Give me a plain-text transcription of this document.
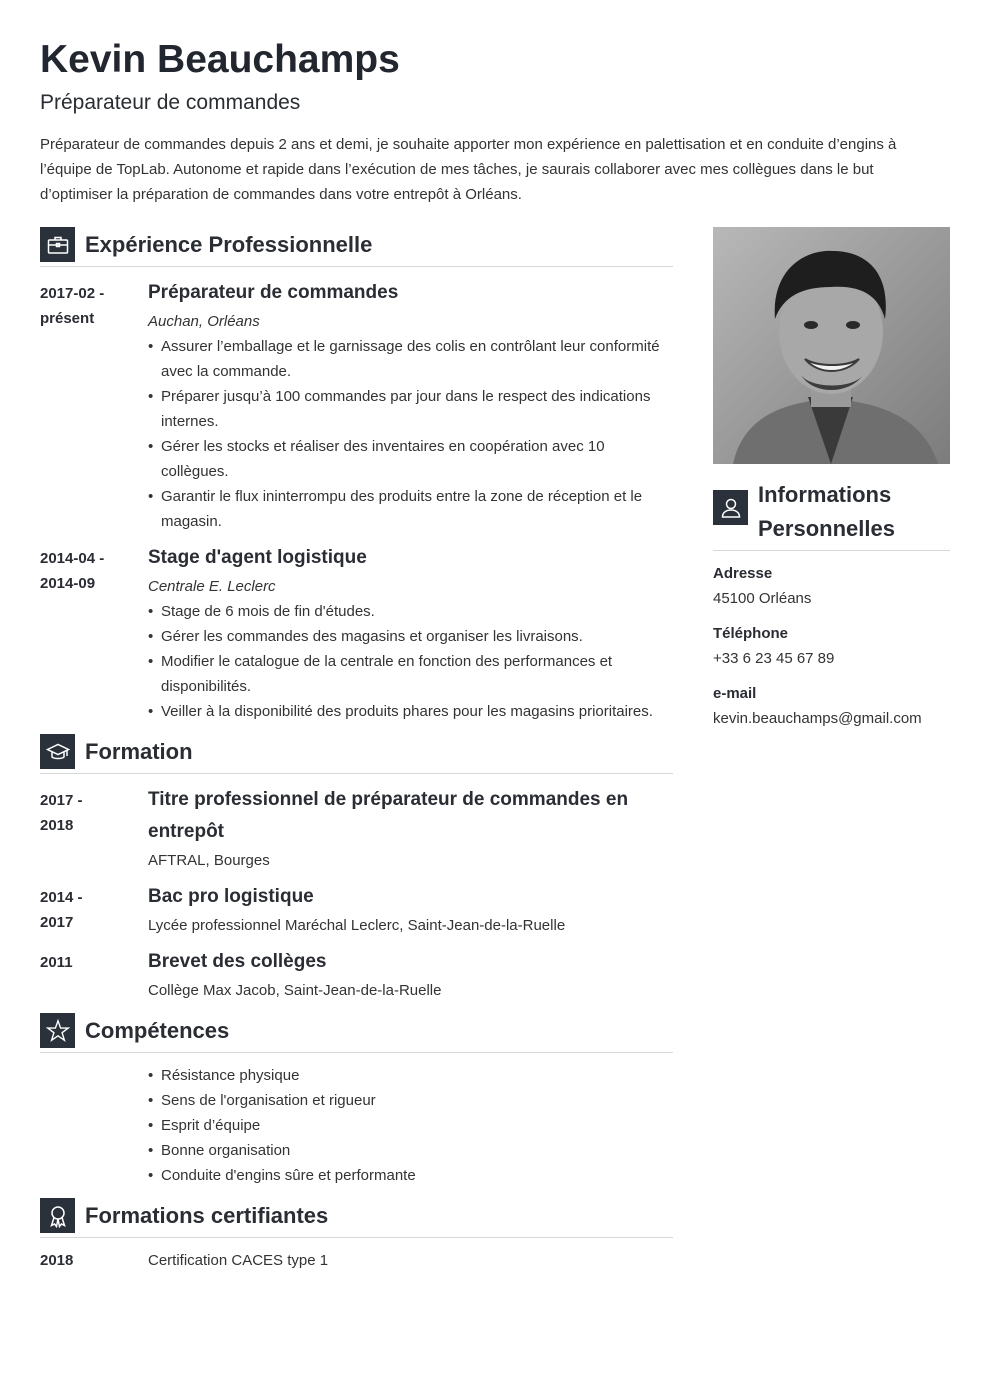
Kevin Beauchamps
Préparateur de commandes

Préparateur de commandes depuis 2 ans et demi, je souhaite apporter mon expérience en palettisation et en conduite d’engins à l’équipe de TopLab. Autonome et rapide dans l’exécution de mes tâches, je saurais collaborer avec mes collègues dans le but d’optimiser la préparation de commandes dans votre entrepôt à Orléans.

Expérience Professionnelle
2017-02 -
présent
Préparateur de commandes
Auchan, Orléans
• Assurer l’emballage et le garnissage des colis en contrôlant leur conformité avec la commande.
• Préparer jusqu’à 100 commandes par jour dans le respect des indications internes.
• Gérer les stocks et réaliser des inventaires en coopération avec 10 collègues.
• Garantir le flux ininterrompu des produits entre la zone de réception et le magasin.
2014-04 -
2014-09
Stage d'agent logistique
Centrale E. Leclerc
• Stage de 6 mois de fin d'études.
• Gérer les commandes des magasins et organiser les livraisons.
• Modifier le catalogue de la centrale en fonction des performances et disponibilités.
• Veiller à la disponibilité des produits phares pour les magasins prioritaires.
Formation
2017 -
2018
Titre professionnel de préparateur de commandes en entrepôt
AFTRAL, Bourges
2014 -
2017
Bac pro logistique
Lycée professionnel Maréchal Leclerc, Saint-Jean-de-la-Ruelle
2011	Brevet des collèges
Collège Max Jacob, Saint-Jean-de-la-Ruelle
Compétences
• Résistance physique
• Sens de l'organisation et rigueur
• Esprit d’équipe
• Bonne organisation
• Conduite d'engins sûre et performante
Formations certifiantes
2018	Certification CACES type 1
Informations Personnelles
Adresse
45100 Orléans
Téléphone
+33 6 23 45 67 89
e-mail
kevin.beauchamps@gmail.com
